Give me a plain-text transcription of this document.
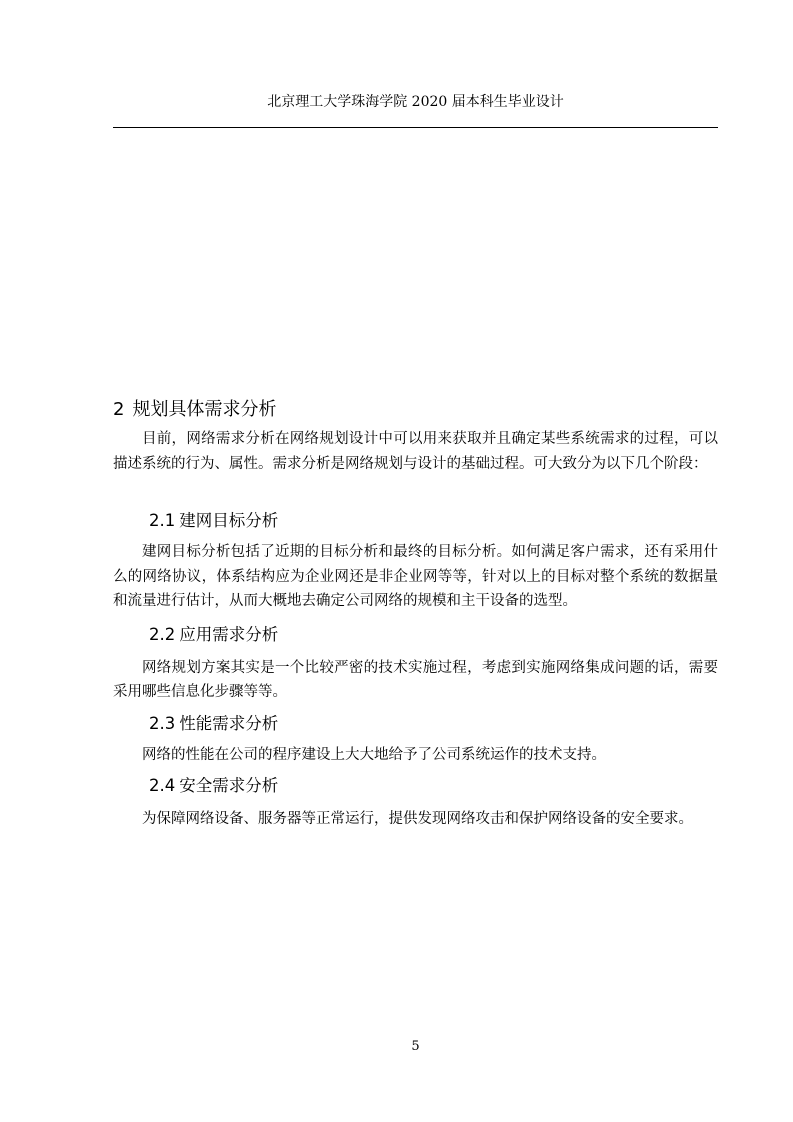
北京理工大学珠海学院 2020 届本科生毕业设计
2 规划具体需求分析

目前，网络需求分析在网络规划设计中可以用来获取并且确定某些系统需求的过程，可以描述系统的行为、属性。需求分析是网络规划与设计的基础过程。可大致分为以下几个阶段：

2.1 建网目标分析

建网目标分析包括了近期的目标分析和最终的目标分析。如何满足客户需求，还有采用什么的网络协议，体系结构应为企业网还是非企业网等等，针对以上的目标对整个系统的数据量和流量进行估计，从而大概地去确定公司网络的规模和主干设备的选型。

2.2 应用需求分析

网络规划方案其实是一个比较严密的技术实施过程，考虑到实施网络集成问题的话，需要采用哪些信息化步骤等等。

2.3 性能需求分析

网络的性能在公司的程序建设上大大地给予了公司系统运作的技术支持。

2.4 安全需求分析

为保障网络设备、服务器等正常运行，提供发现网络攻击和保护网络设备的安全要求。

5
